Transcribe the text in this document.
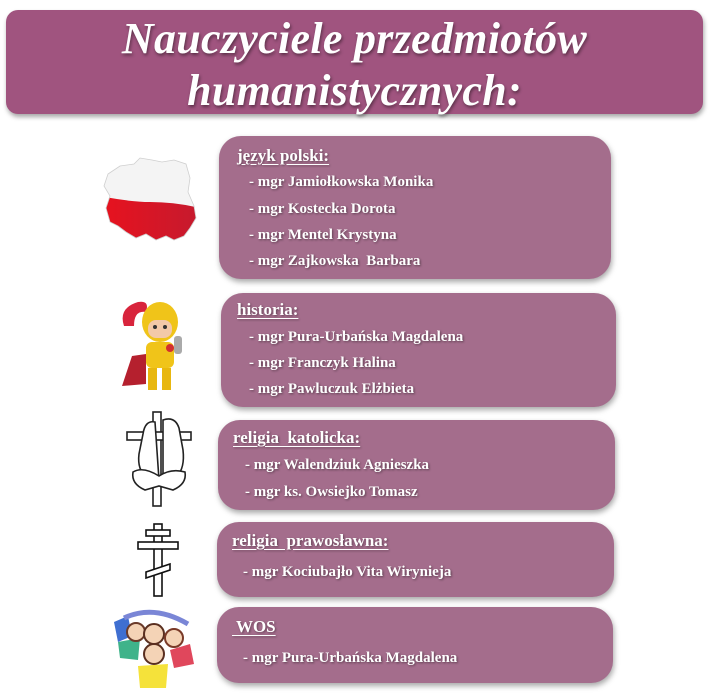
Nauczyciele przedmiotów
humanistycznych:
język polski:
- mgr Jamiołkowska Monika
- mgr Kostecka Dorota
- mgr Mentel Krystyna
- mgr Zajkowska  Barbara
historia:
- mgr Pura-Urbańska Magdalena
- mgr Franczyk Halina
- mgr Pawluczuk Elżbieta
religia  katolicka:
- mgr Walendziuk Agnieszka
- mgr ks. Owsiejko Tomasz
religia  prawosławna:
- mgr Kociubajło Vita Wirynieja
WOS
- mgr Pura-Urbańska Magdalena
